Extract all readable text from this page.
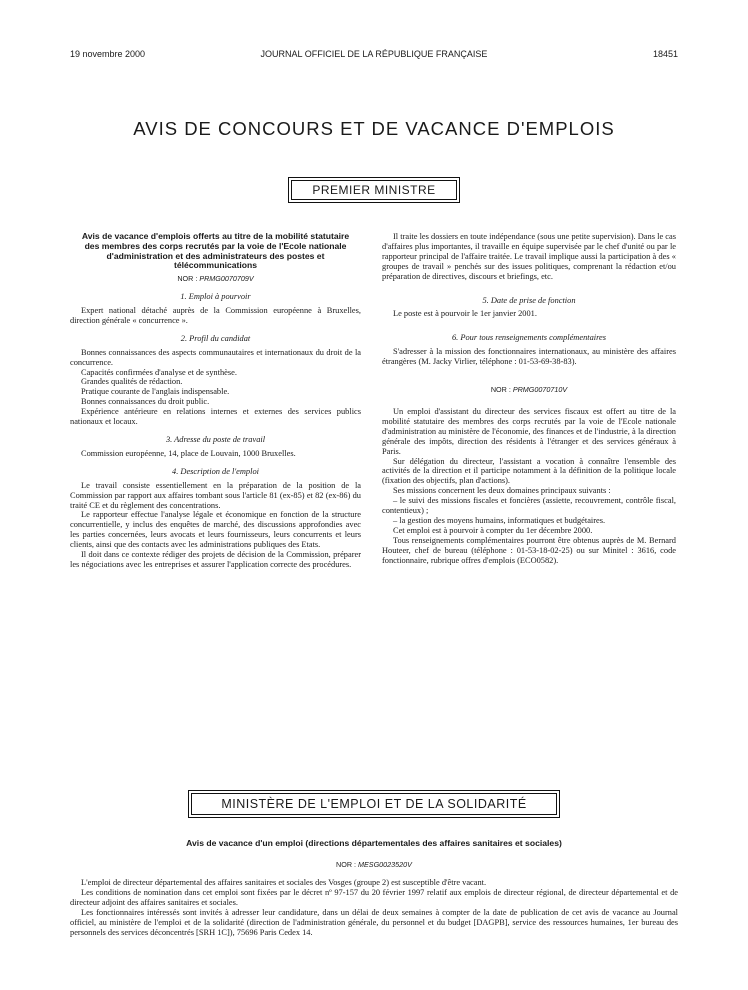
19 novembre 2000	JOURNAL OFFICIEL DE LA RÉPUBLIQUE FRANÇAISE	18451
AVIS DE CONCOURS ET DE VACANCE D'EMPLOIS
PREMIER MINISTRE
Avis de vacance d'emplois offerts au titre de la mobilité statutaire des membres des corps recrutés par la voie de l'Ecole nationale d'administration et des administrateurs des postes et télécommunications
NOR : PRMG0070709V
1. Emploi à pourvoir

Expert national détaché auprès de la Commission européenne à Bruxelles, direction générale « concurrence ».

2. Profil du candidat

Bonnes connaissances des aspects communautaires et internationaux du droit de la concurrence.

Capacités confirmées d'analyse et de synthèse.

Grandes qualités de rédaction.

Pratique courante de l'anglais indispensable.

Bonnes connaissances du droit public.

Expérience antérieure en relations internes et externes des services publics nationaux et locaux.

3. Adresse du poste de travail

Commission européenne, 14, place de Louvain, 1000 Bruxelles.

4. Description de l'emploi

Le travail consiste essentiellement en la préparation de la position de la Commission par rapport aux affaires tombant sous l'article 81 (ex-85) et 82 (ex-86) du traité CE et du règlement des concentrations.

Le rapporteur effectue l'analyse légale et économique en fonction de la structure concurrentielle, y inclus des enquêtes de marché, des discussions approfondies avec les parties concernées, leurs avocats et leurs fournisseurs, leurs concurrents et leurs clients, ainsi que des contacts avec les administrations publiques des Etats.

Il doit dans ce contexte rédiger des projets de décision de la Commission, préparer les négociations avec les entreprises et assurer l'application correcte des procédures.

Il traite les dossiers en toute indépendance (sous une petite supervision). Dans le cas d'affaires plus importantes, il travaille en équipe supervisée par le chef d'unité ou par le rapporteur principal de l'affaire traitée. Le travail implique aussi la participation à des « groupes de travail » penchés sur des issues politiques, comprenant la rédaction et/ou préparation de directives, discours et briefings, etc.

5. Date de prise de fonction

Le poste est à pourvoir le 1er janvier 2001.

6. Pour tous renseignements complémentaires

S'adresser à la mission des fonctionnaires internationaux, au ministère des affaires étrangères (M. Jacky Virlier, téléphone : 01-53-69-38-83).

NOR : PRMG0070710V

Un emploi d'assistant du directeur des services fiscaux est offert au titre de la mobilité statutaire des membres des corps recrutés par la voie de l'Ecole nationale d'administration au ministère de l'économie, des finances et de l'industrie, à la direction générale des impôts, direction des résidents à l'étranger et des services généraux à Paris.

Sur délégation du directeur, l'assistant a vocation à connaître l'ensemble des activités de la direction et il participe notamment à la définition de la politique locale (fixation des objectifs, plan d'actions).

Ses missions concernent les deux domaines principaux suivants :

– le suivi des missions fiscales et foncières (assiette, recouvrement, contrôle fiscal, contentieux) ;

– la gestion des moyens humains, informatiques et budgétaires.

Cet emploi est à pourvoir à compter du 1er décembre 2000.

Tous renseignements complémentaires pourront être obtenus auprès de M. Bernard Houteer, chef de bureau (téléphone : 01-53-18-02-25) ou sur Minitel : 3616, code fonctionnaire, rubrique offres d'emplois (ECO0582).

MINISTÈRE DE L'EMPLOI ET DE LA SOLIDARITÉ
Avis de vacance d'un emploi (directions départementales des affaires sanitaires et sociales)
NOR : MESG0023520V

L'emploi de directeur départemental des affaires sanitaires et sociales des Vosges (groupe 2) est susceptible d'être vacant.

Les conditions de nomination dans cet emploi sont fixées par le décret nº 97-157 du 20 février 1997 relatif aux emplois de directeur régional, de directeur départemental et de directeur adjoint des affaires sanitaires et sociales.

Les fonctionnaires intéressés sont invités à adresser leur candidature, dans un délai de deux semaines à compter de la date de publication de cet avis de vacance au Journal officiel, au ministère de l'emploi et de la solidarité (direction de l'administration générale, du personnel et du budget [DAGPB], service des ressources humaines, 1er bureau des personnels des services déconcentrés [SRH 1C]), 75696 Paris Cedex 14.
